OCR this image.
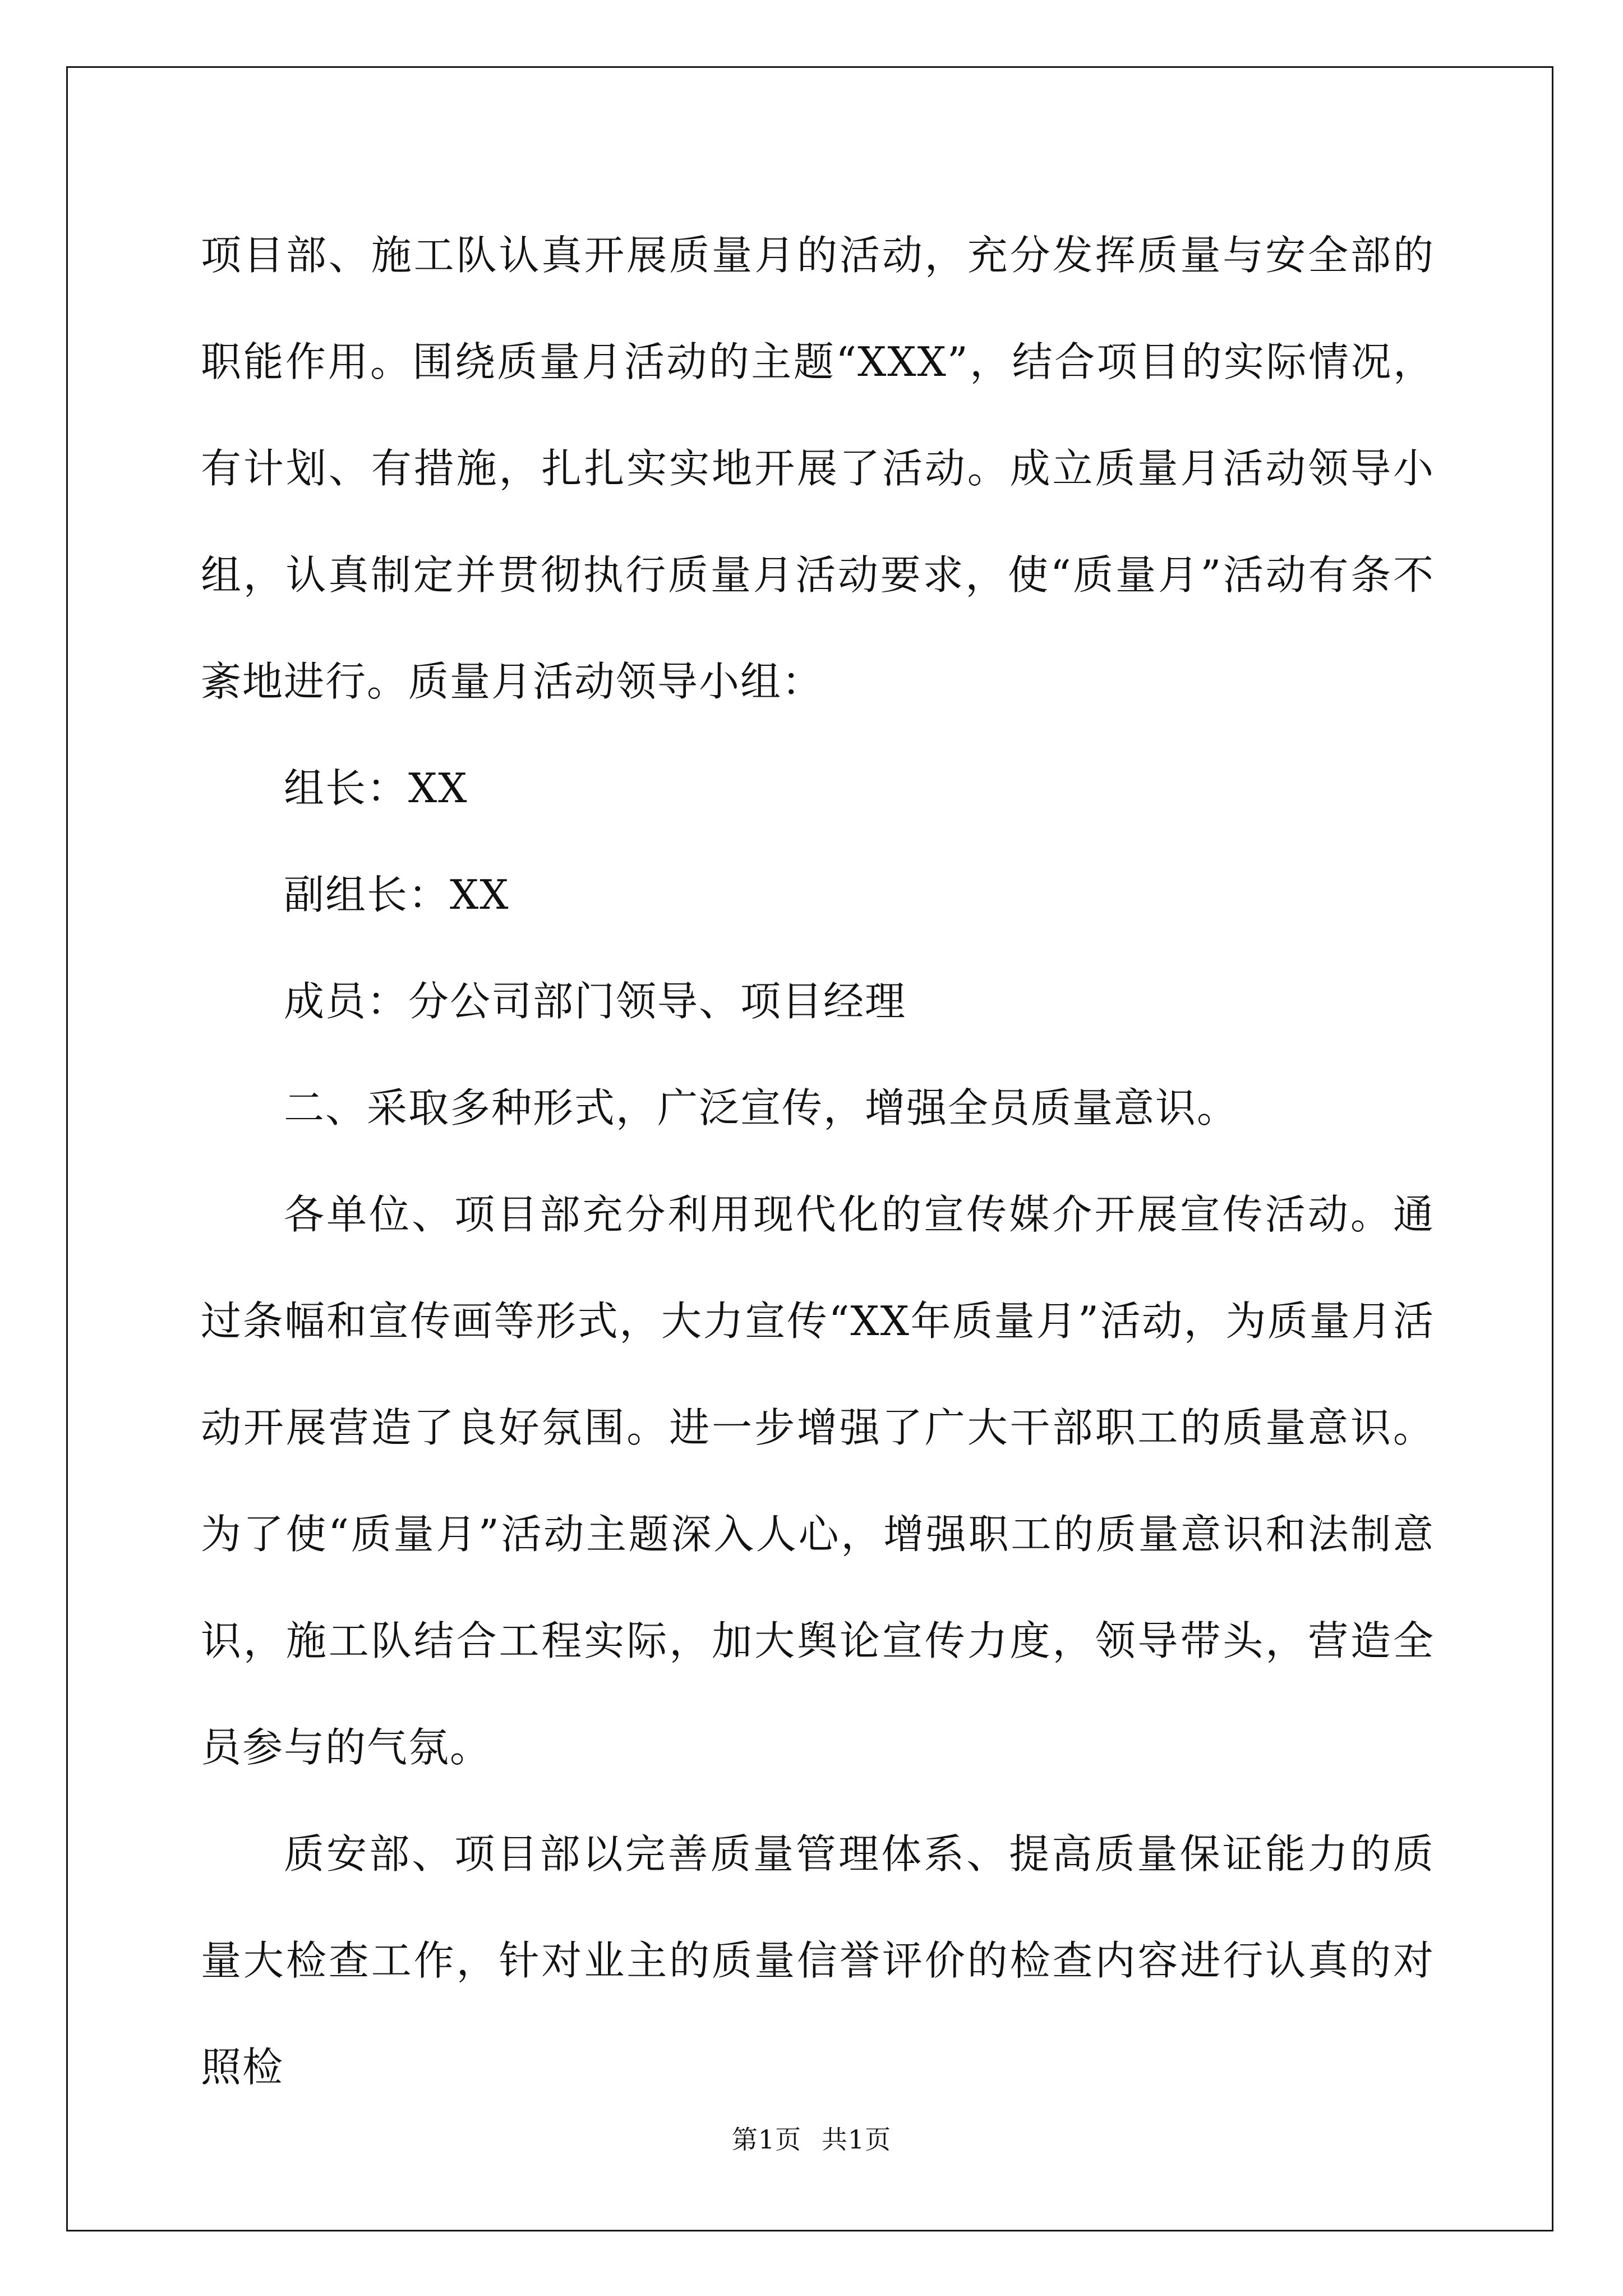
项目部、施工队认真开展质量月的活动，充分发挥质量与安全部的职能作用。围绕质量月活动的主题“XXX”，结合项目的实际情况，有计划、有措施，扎扎实实地开展了活动。成立质量月活动领导小组，认真制定并贯彻执行质量月活动要求，使“质量月”活动有条不紊地进行。质量月活动领导小组：

组长：XX

副组长：XX

成员：分公司部门领导、项目经理

二、采取多种形式，广泛宣传，增强全员质量意识。

各单位、项目部充分利用现代化的宣传媒介开展宣传活动。通过条幅和宣传画等形式，大力宣传“XX年质量月”活动，为质量月活动开展营造了良好氛围。进一步增强了广大干部职工的质量意识。为了使“质量月”活动主题深入人心，增强职工的质量意识和法制意识，施工队结合工程实际，加大舆论宣传力度，领导带头，营造全员参与的气氛。

质安部、项目部以完善质量管理体系、提高质量保证能力的质量大检查工作，针对业主的质量信誉评价的检查内容进行认真的对照检

第1页 共1页
